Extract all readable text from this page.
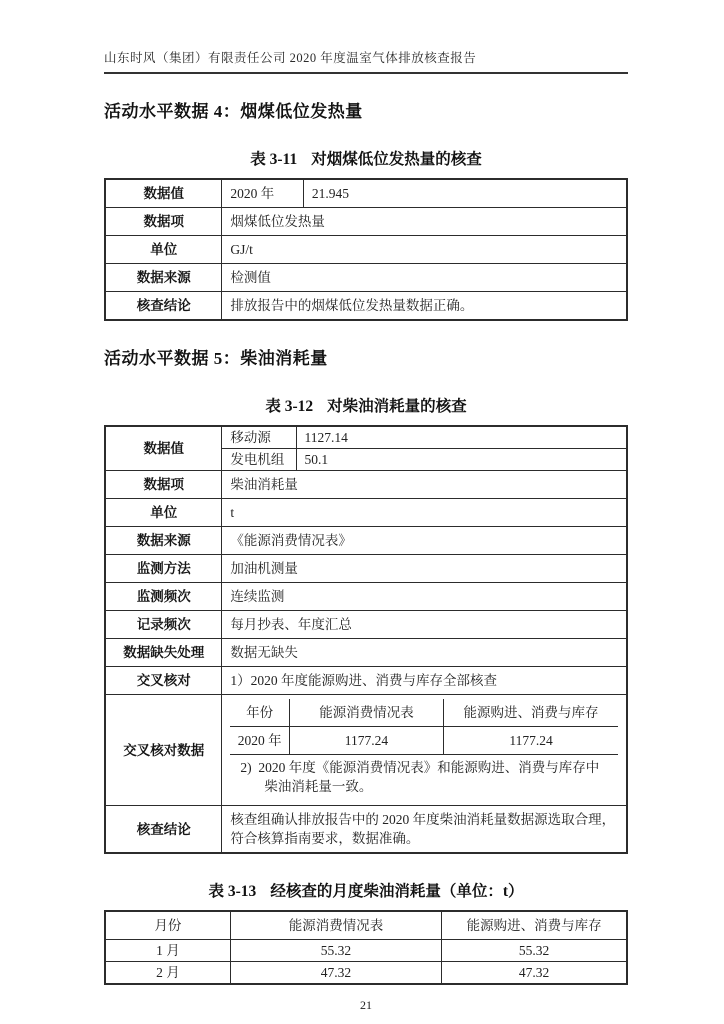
山东时风（集团）有限责任公司 2020 年度温室气体排放核查报告
活动水平数据 4：烟煤低位发热量
表 3-11 对烟煤低位发热量的核查
数据值	2020 年	21.945
数据项	烟煤低位发热量	
单位	GJ/t	
数据来源	检测值	
核查结论	排放报告中的烟煤低位发热量数据正确。	
活动水平数据 5：柴油消耗量
表 3-12 对柴油消耗量的核查
数据值	移动源	1127.14
发电机组	50.1
数据项	柴油消耗量
单位	t
数据来源	《能源消费情况表》
监测方法	加油机测量
监测频次	连续监测
记录频次	每月抄表、年度汇总
数据缺失处理	数据无缺失
交叉核对	1）2020 年度能源购进、消费与库存全部核查
交叉核对数据	
年份	能源消费情况表	能源购进、消费与库存
2020 年	1177.24	1177.24
2)  2020 年度《能源消费情况表》和能源购进、消费与库存中柴油消耗量一致。

核查结论	核查组确认排放报告中的 2020 年度柴油消耗量数据源选取合理，符合核算指南要求，数据准确。
表 3-13 经核查的月度柴油消耗量（单位：t）
月份	能源消费情况表	能源购进、消费与库存
1 月	55.32	55.32
2 月	47.32	47.32
21
